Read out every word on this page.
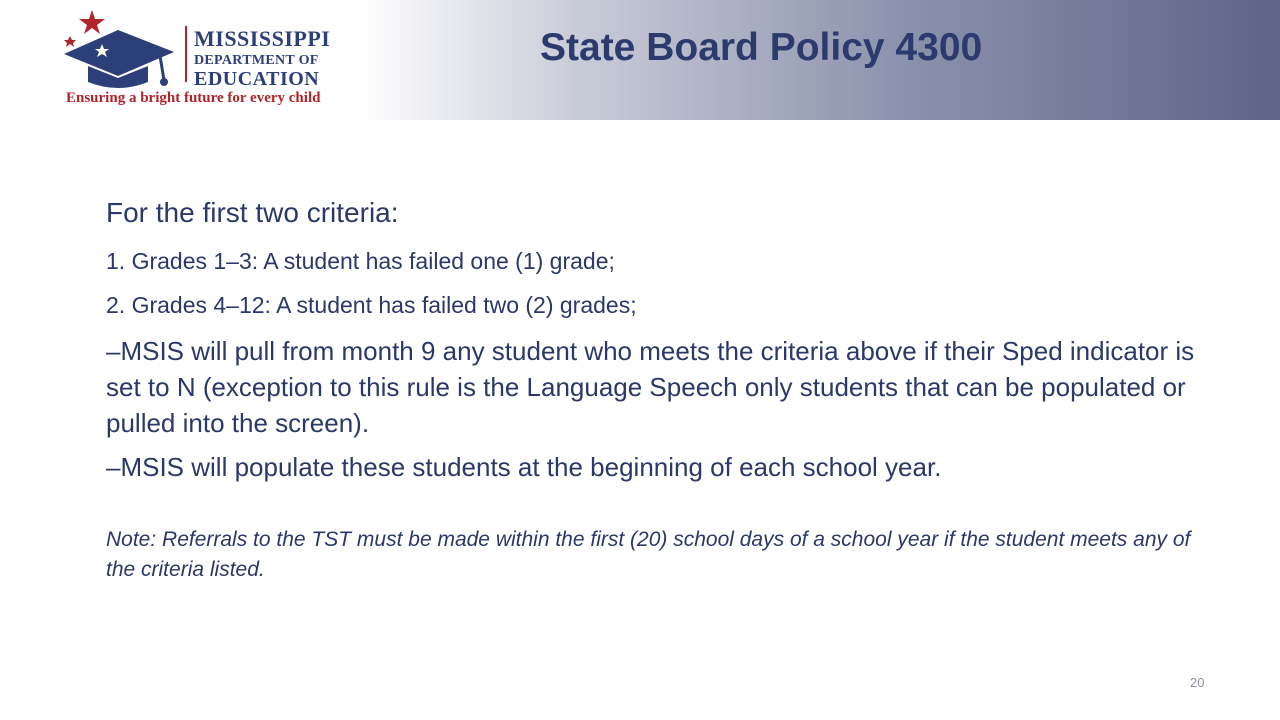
MISSISSIPPI

DEPARTMENT OF

EDUCATION

Ensuring a bright future for every child

State Board Policy 4300

For the first two criteria:

1. Grades 1–3: A student has failed one (1) grade;

2. Grades 4–12: A student has failed two (2) grades;

–MSIS will pull from month 9 any student who meets the criteria above if their Sped indicator is set to N (exception to this rule is the Language Speech only students that can be populated or pulled into the screen).

–MSIS will populate these students at the beginning of each school year.

Note: Referrals to the TST must be made within the first (20) school days of a school year if the student meets any of the criteria listed.

20
